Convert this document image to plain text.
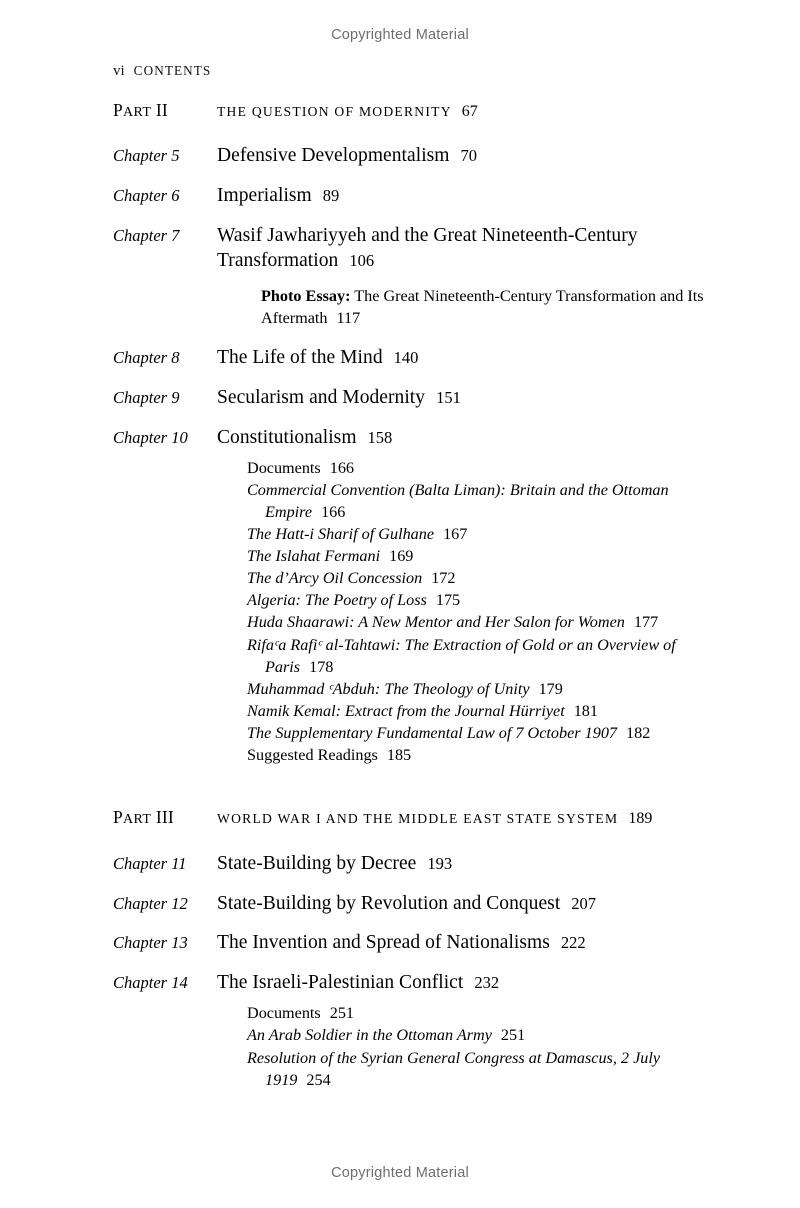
Copyrighted Material
vi CONTENTS
PART II	THE QUESTION OF MODERNITY 67
Chapter 5	Defensive Developmentalism 70
Chapter 6	Imperialism 89
Chapter 7	Wasif Jawhariyyeh and the Great Nineteenth-Century Transformation 106
Photo Essay: The Great Nineteenth-Century Transformation and Its Aftermath 117
Chapter 8	The Life of the Mind 140
Chapter 9	Secularism and Modernity 151
Chapter 10	Constitutionalism 158
Documents 166
Commercial Convention (Balta Liman): Britain and the Ottoman Empire 166
The Hatt-i Sharif of Gulhane 167
The Islahat Fermani 169
The d’Arcy Oil Concession 172
Algeria: The Poetry of Loss 175
Huda Shaarawi: A New Mentor and Her Salon for Women 177
Rifaᶜa Rafiᶜ al-Tahtawi: The Extraction of Gold or an Overview of Paris 178
Muhammad ᶜAbduh: The Theology of Unity 179
Namik Kemal: Extract from the Journal Hürriyet 181
The Supplementary Fundamental Law of 7 October 1907 182
Suggested Readings 185
PART III	WORLD WAR I AND THE MIDDLE EAST STATE SYSTEM 189
Chapter 11	State-Building by Decree 193
Chapter 12	State-Building by Revolution and Conquest 207
Chapter 13	The Invention and Spread of Nationalisms 222
Chapter 14	The Israeli-Palestinian Conflict 232
Documents 251
An Arab Soldier in the Ottoman Army 251
Resolution of the Syrian General Congress at Damascus, 2 July 1919 254
Copyrighted Material
